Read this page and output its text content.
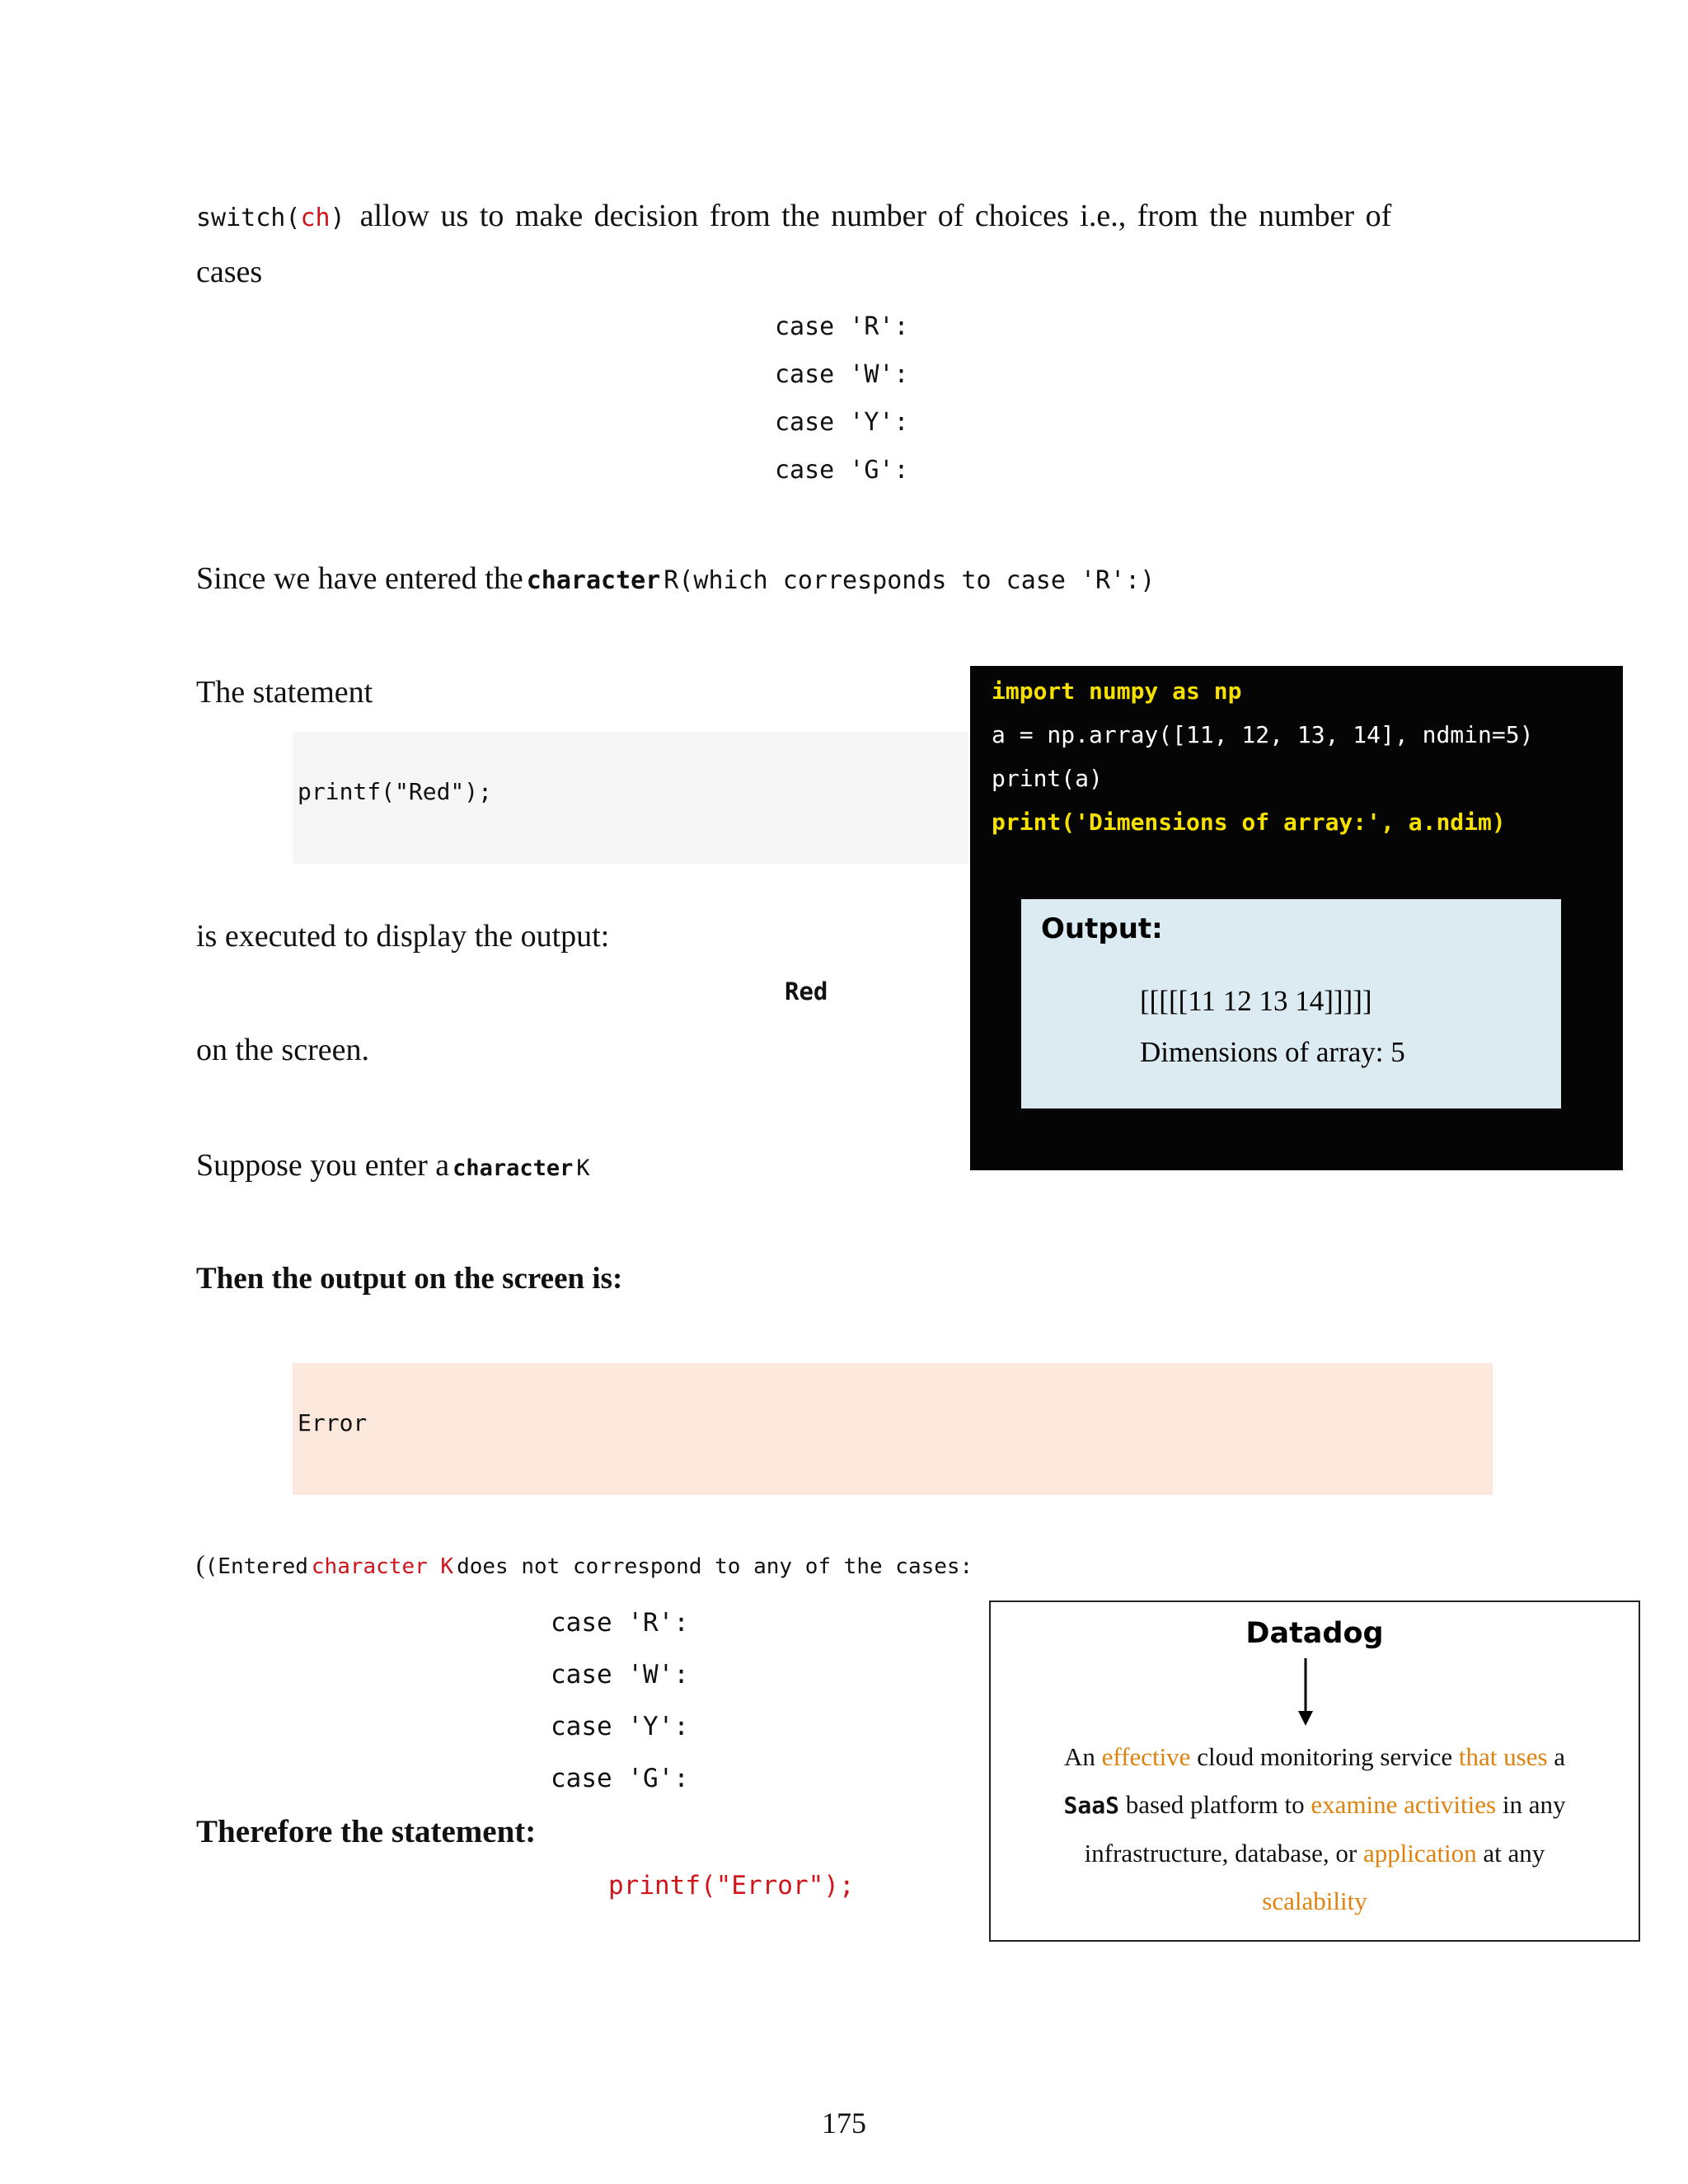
switch(ch) allow us to make decision from the number of choices i.e., from the number of
cases
case 'R':
case 'W':
case 'Y':
case 'G':
Since we have entered the character R(which corresponds to case 'R':)
The statement
printf("Red");
is executed to display the output:
Red
on the screen.
Suppose you enter a character K
Then the output on the screen is:
Error
((Entered character K does not correspond to any of the cases:
case 'R':
case 'W':
case 'Y':
case 'G':
Therefore the statement:
printf("Error");
import numpy as np
a = np.array([11, 12, 13, 14], ndmin=5)
print(a)
print('Dimensions of array:', a.ndim)
Output:
[[[[[11 12 13 14]]]]]
Dimensions of array: 5
Datadog
An effective cloud monitoring service that uses a
SaaS based platform to examine activities in any
infrastructure, database, or application at any
scalability
175
